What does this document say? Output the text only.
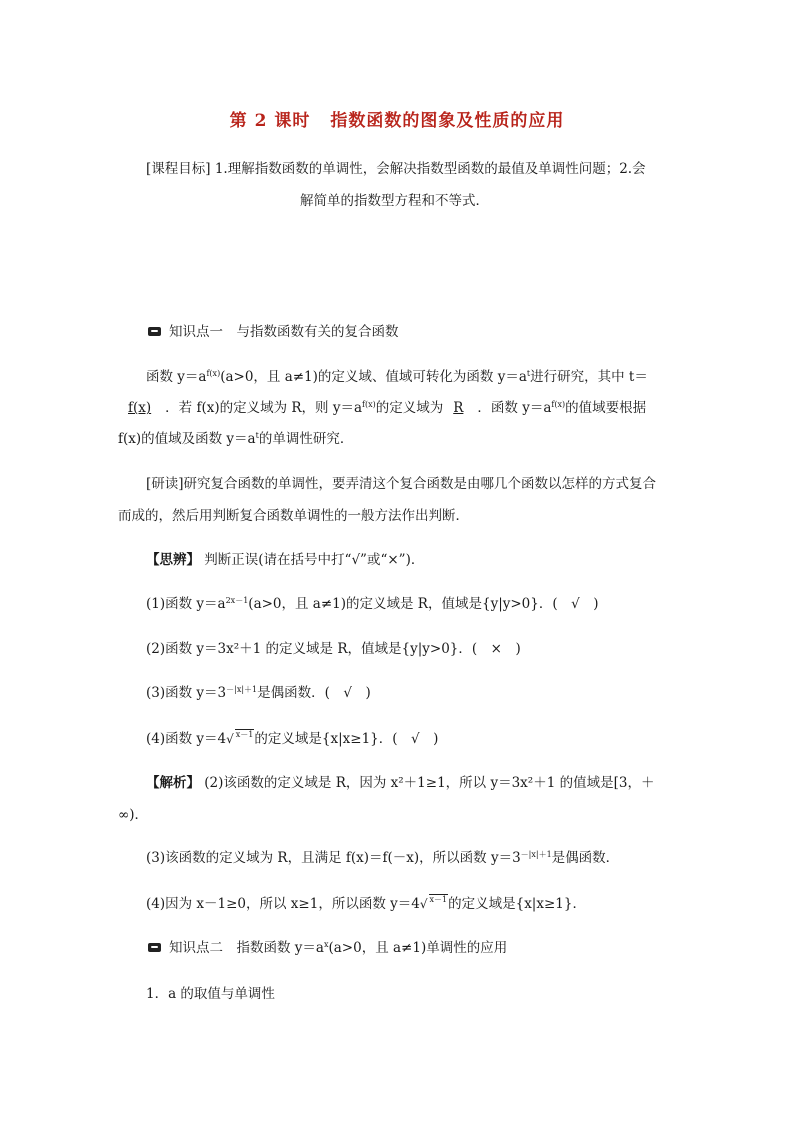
第 2 课时 指数函数的图象及性质的应用
[课程目标] 1.理解指数函数的单调性，会解决指数型函数的最值及单调性问题；2.会
解简单的指数型方程和不等式．
知识点一　与指数函数有关的复合函数
函数 $y=a^{f(x)}(a>0$，且 a≠1)的定义域、值域可转化为函数 $y=a^t$进行研究，其中 t＝
f(x) ．若 f(x)的定义域为 R，则 $y=a^{f(x)}$的定义域为 R ．函数 $y=a^{f(x)}$的值域要根据
f(x)的值域及函数 $y=a^t$的单调性研究．
[研读]研究复合函数的单调性，要弄清这个复合函数是由哪几个函数以怎样的方式复合
而成的，然后用判断复合函数单调性的一般方法作出判断．
【思辨】 判断正误(请在括号中打“√”或“×”)．
(1)函数 $y=a^{2x-1}(a>0$，且 a≠1)的定义域是 R，值域是{y|y>0}．(　√　)
(2)函数 y＝3x²＋1 的定义域是 R，值域是{y|y>0}．(　×　)
(3)函数 $y=3^{-|x|+1}$是偶函数．(　√　)
(4)函数 y＝4√ x－1的定义域是{x|x≥1}．(　√　)
【解析】 (2)该函数的定义域是 R，因为 x²＋1≥1，所以 y＝3x²＋1 的值域是[3，＋
∞)．
(3)该函数的定义域为 R，且满足 f(x)＝f(－x)，所以函数 $y=3^{-|x|+1}$是偶函数．
(4)因为 x－1≥0，所以 x≥1，所以函数 y＝4√ x－1的定义域是{x|x≥1}．
知识点二　指数函数 $y=a^x(a>0$，且 a≠1)单调性的应用
1．a 的取值与单调性
